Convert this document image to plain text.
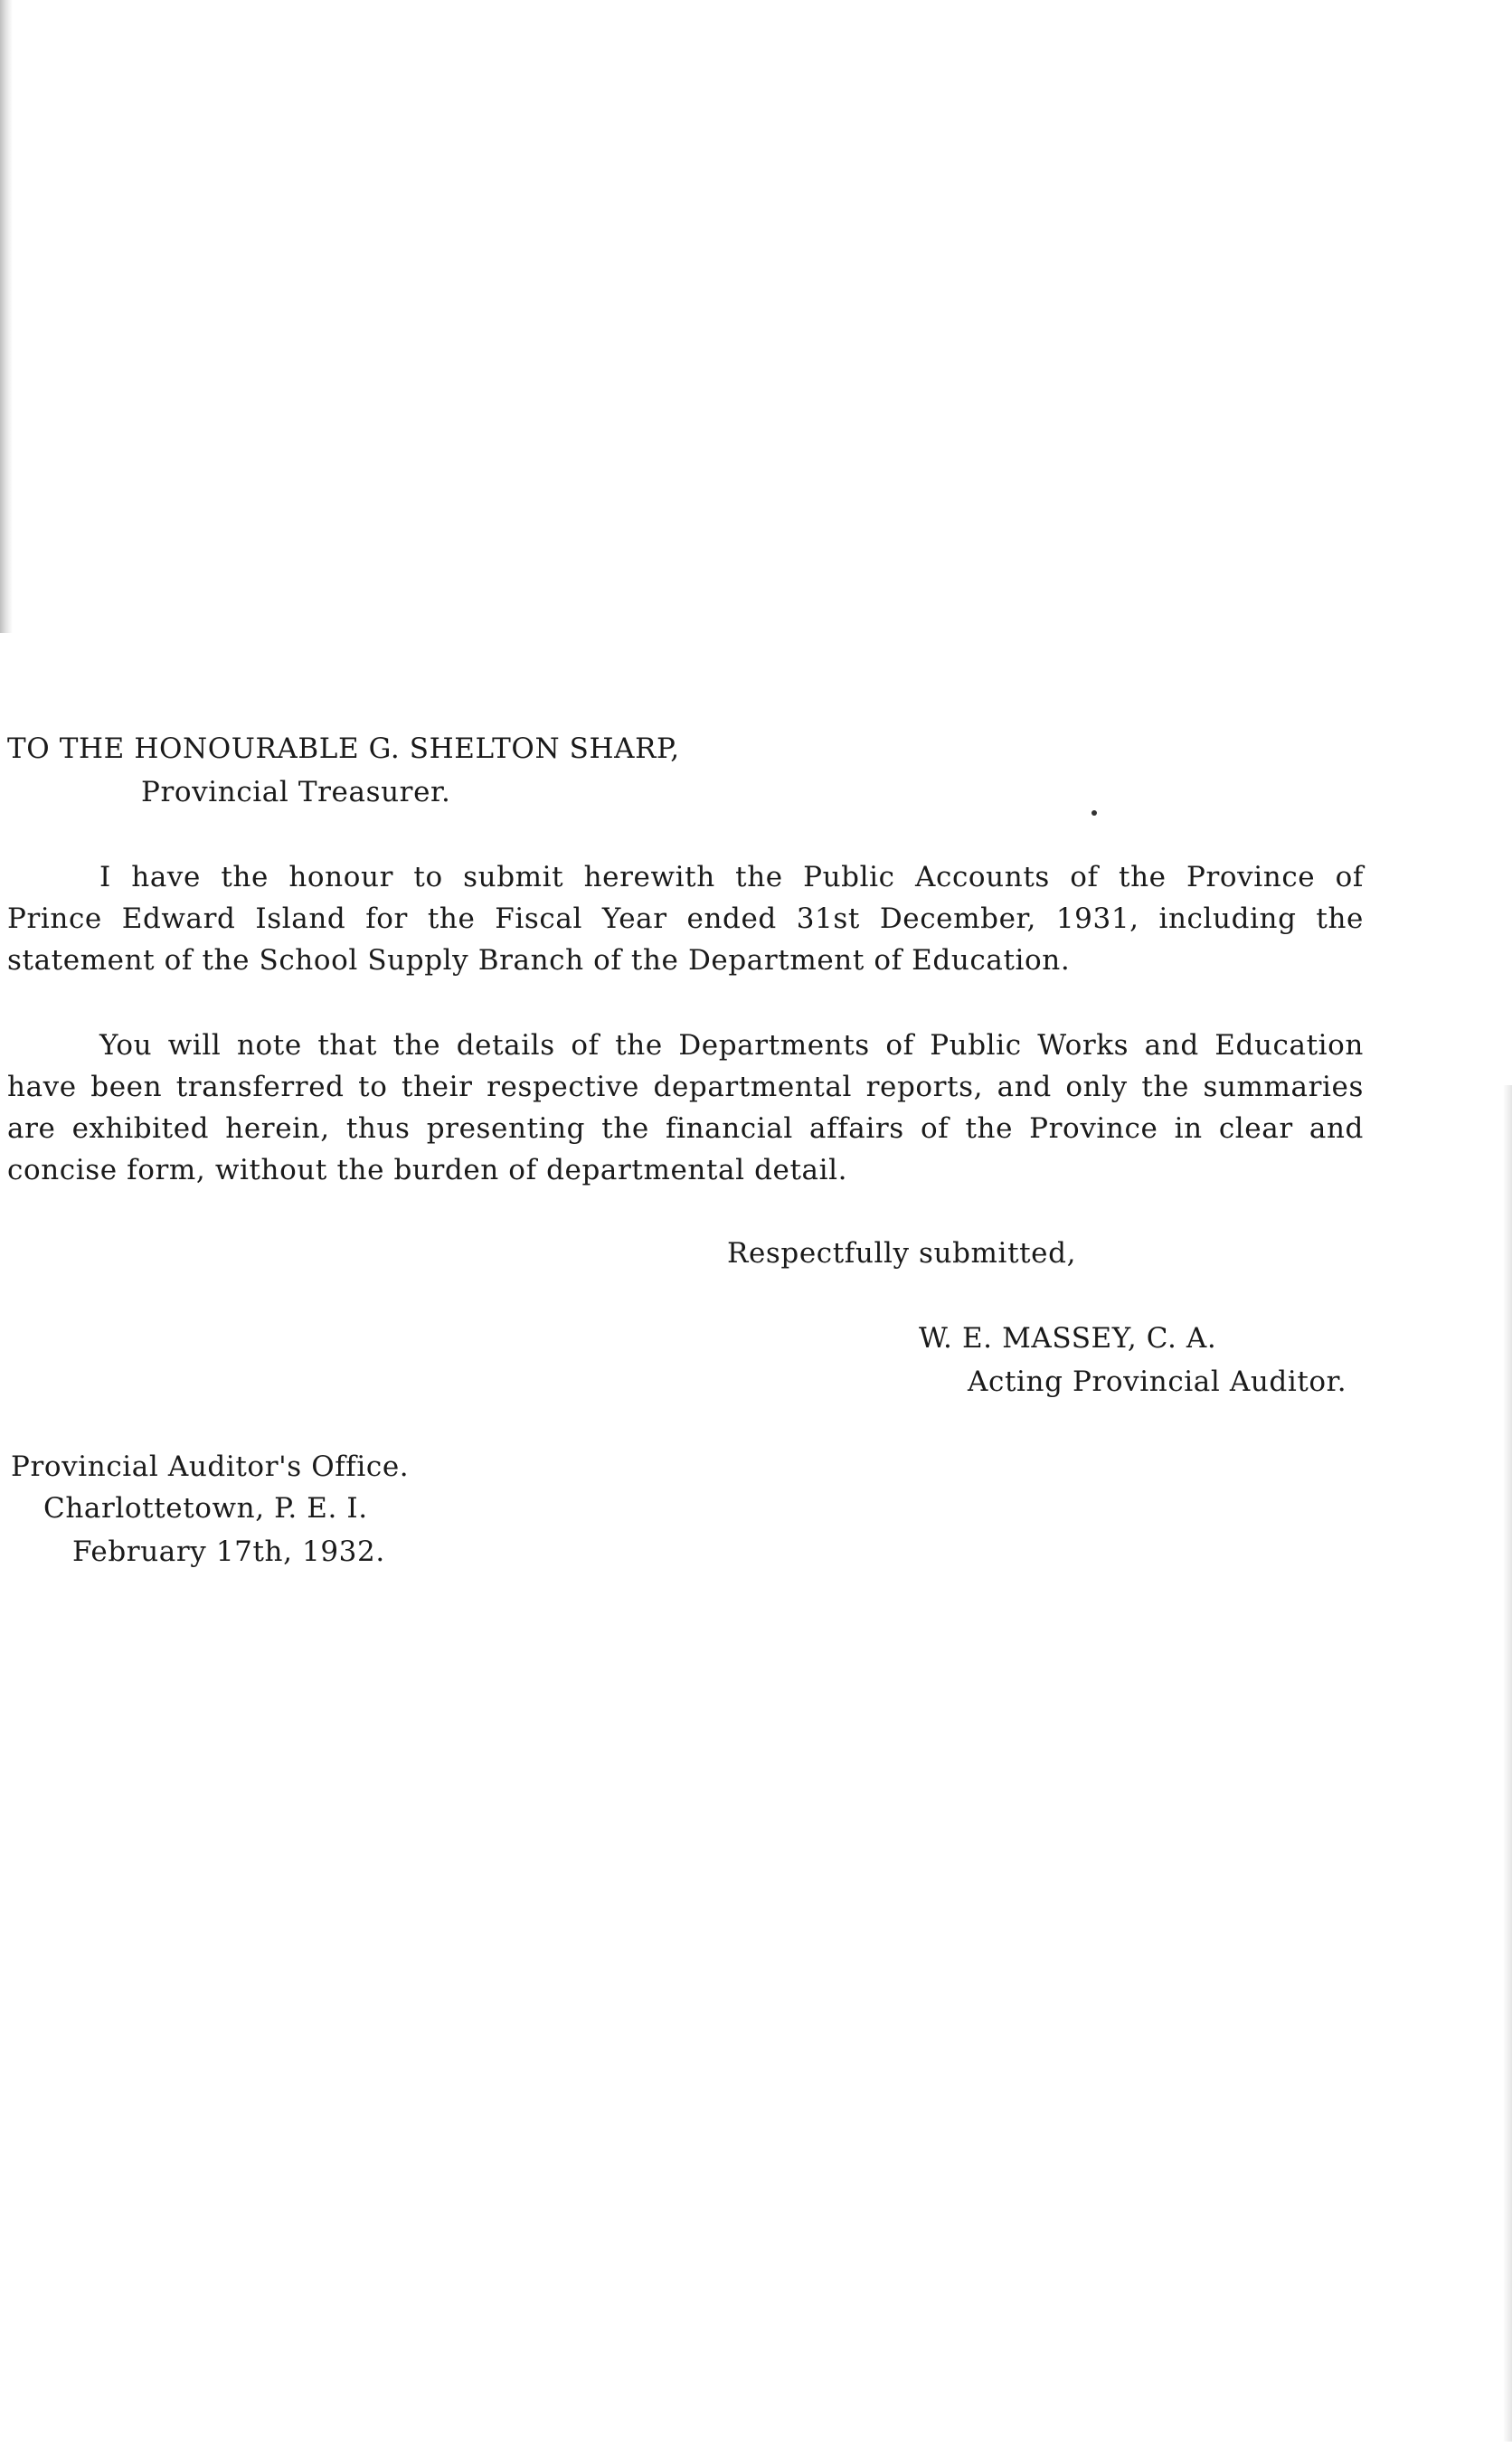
TO THE HONOURABLE G. SHELTON SHARP,
Provincial Treasurer.
I have the honour to submit herewith the Public Accounts of the Province of
Prince Edward Island for the Fiscal Year ended 31st December, 1931, including the
statement of the School Supply Branch of the Department of Education.
You will note that the details of the Departments of Public Works and Education
have been transferred to their respective departmental reports, and only the summaries
are exhibited herein, thus presenting the financial affairs of the Province in clear and
concise form, without the burden of departmental detail.
Respectfully submitted,
W. E. MASSEY, C. A.
Acting Provincial Auditor.
Provincial Auditor's Office.
Charlottetown, P. E. I.
February 17th, 1932.
